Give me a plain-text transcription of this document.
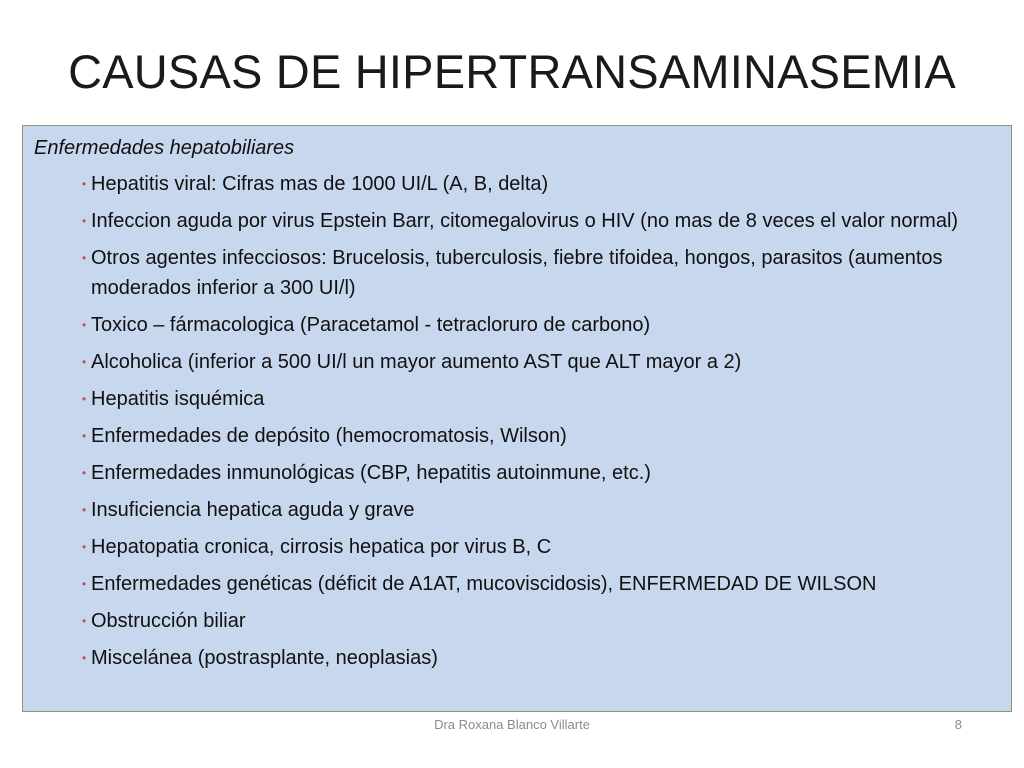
CAUSAS DE HIPERTRANSAMINASEMIA
Enfermedades hepatobiliares
• Hepatitis viral: Cifras mas de 1000 UI/L (A, B, delta)
• Infeccion aguda por virus Epstein Barr, citomegalovirus o HIV (no mas de 8 veces el valor normal)
• Otros agentes infecciosos: Brucelosis, tuberculosis, fiebre tifoidea, hongos, parasitos (aumentos moderados inferior a 300 UI/l)
• Toxico – fármacologica (Paracetamol - tetracloruro de carbono)
• Alcoholica (inferior a 500 UI/l un mayor aumento AST que ALT mayor a 2)
• Hepatitis isquémica
• Enfermedades de depósito (hemocromatosis, Wilson)
• Enfermedades inmunológicas (CBP, hepatitis autoinmune, etc.)
• Insuficiencia hepatica aguda y grave
• Hepatopatia cronica, cirrosis hepatica por virus B, C
• Enfermedades genéticas (déficit de A1AT, mucoviscidosis), ENFERMEDAD DE WILSON
• Obstrucción biliar
• Miscelánea (postrasplante, neoplasias)
Dra Roxana Blanco Villarte	8
